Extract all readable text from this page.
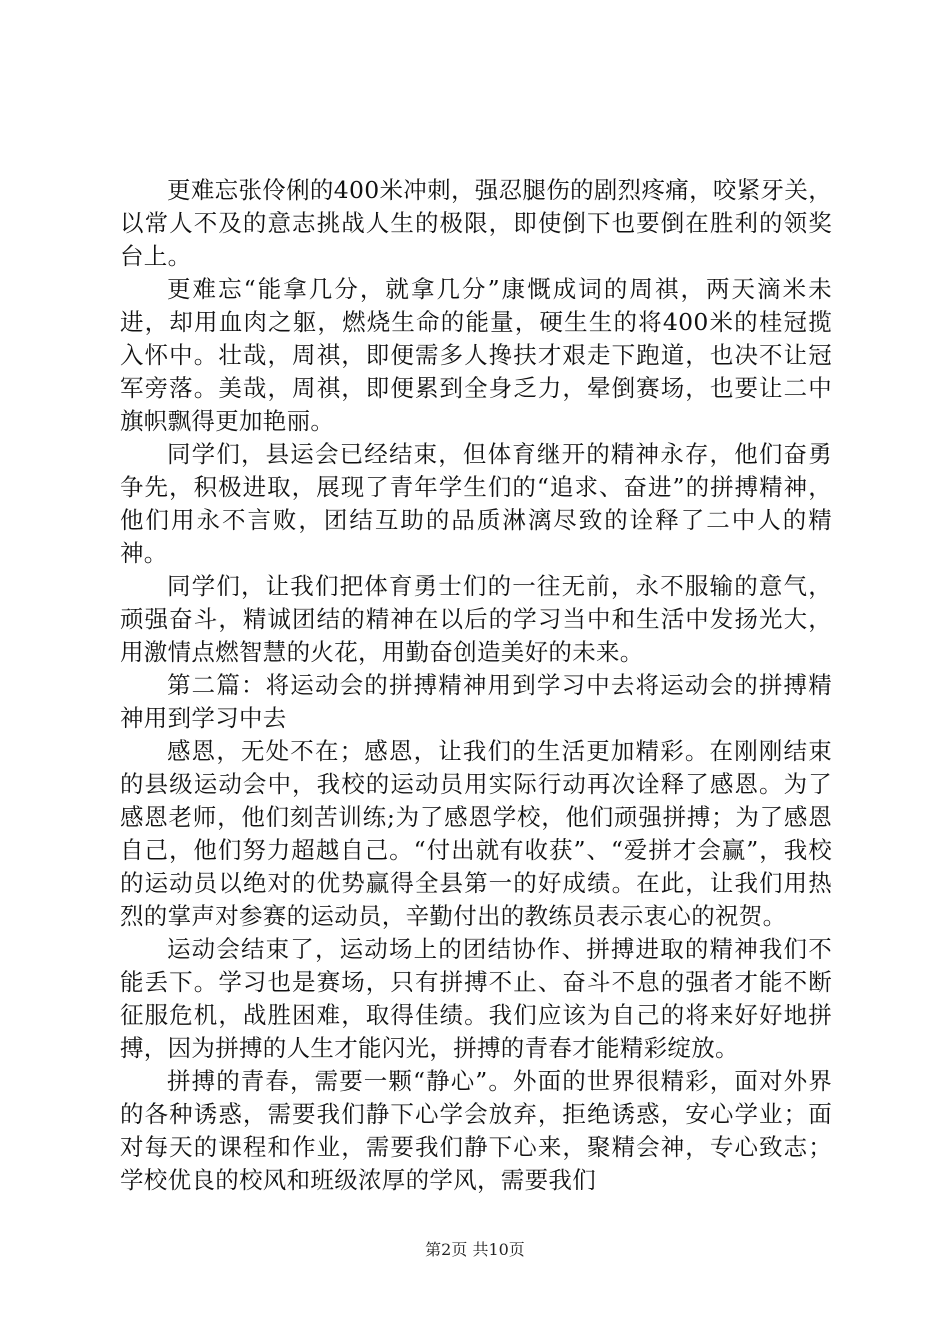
更难忘张伶俐的400米冲刺，强忍腿伤的剧烈疼痛，咬紧牙关，以常人不及的意志挑战人生的极限，即使倒下也要倒在胜利的领奖台上。

更难忘“能拿几分，就拿几分”康慨成词的周祺，两天滴米未进，却用血肉之躯，燃烧生命的能量，硬生生的将400米的桂冠揽入怀中。壮哉，周祺，即便需多人搀扶才艰走下跑道，也决不让冠军旁落。美哉，周祺，即便累到全身乏力，晕倒赛场，也要让二中旗帜飘得更加艳丽。

同学们，县运会已经结束，但体育继开的精神永存，他们奋勇争先，积极进取，展现了青年学生们的“追求、奋进”的拼搏精神，他们用永不言败，团结互助的品质淋漓尽致的诠释了二中人的精神。

同学们，让我们把体育勇士们的一往无前，永不服输的意气，顽强奋斗，精诚团结的精神在以后的学习当中和生活中发扬光大，用激情点燃智慧的火花，用勤奋创造美好的未来。

第二篇：将运动会的拼搏精神用到学习中去将运动会的拼搏精神用到学习中去

感恩，无处不在；感恩，让我们的生活更加精彩。在刚刚结束的县级运动会中，我校的运动员用实际行动再次诠释了感恩。为了感恩老师，他们刻苦训练;为了感恩学校，他们顽强拼搏；为了感恩自己，他们努力超越自己。“付出就有收获”、“爱拼才会赢”，我校的运动员以绝对的优势赢得全县第一的好成绩。在此，让我们用热烈的掌声对参赛的运动员，辛勤付出的教练员表示衷心的祝贺。

运动会结束了，运动场上的团结协作、拼搏进取的精神我们不能丢下。学习也是赛场，只有拼搏不止、奋斗不息的强者才能不断征服危机，战胜困难，取得佳绩。我们应该为自己的将来好好地拼搏，因为拼搏的人生才能闪光，拼搏的青春才能精彩绽放。

拼搏的青春，需要一颗“静心”。外面的世界很精彩，面对外界的各种诱惑，需要我们静下心学会放弃，拒绝诱惑，安心学业；面对每天的课程和作业，需要我们静下心来，聚精会神，专心致志；学校优良的校风和班级浓厚的学风，需要我们

第2页 共10页
